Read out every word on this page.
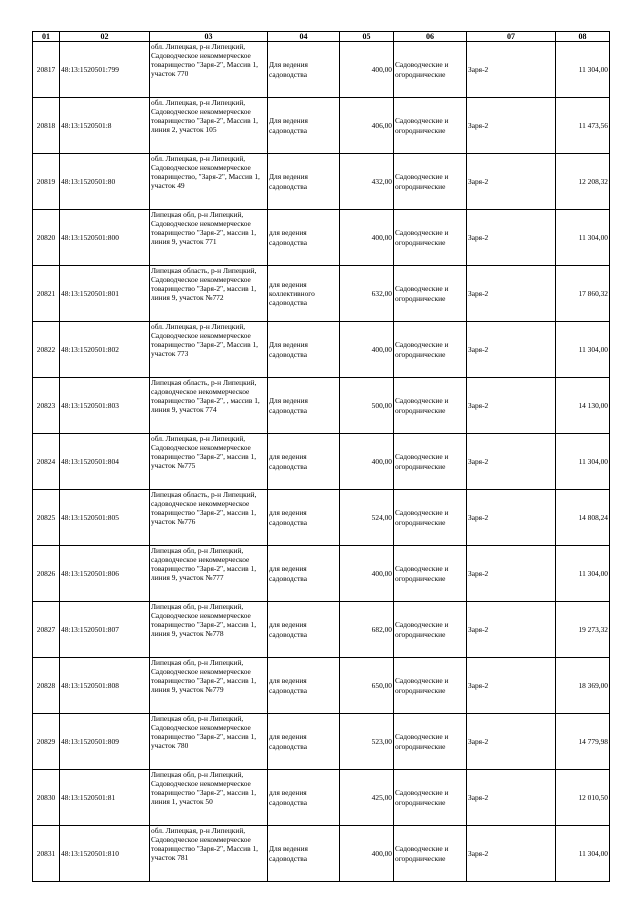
01	02	03	04	05	06	07	08
20817	48:13:1520501:799	обл. Липецкая, р-н Липецкий, Садоводческое некоммерческое товарищество "Заря-2", Массив 1, участок 770	Для ведения садоводства	400,00	Садоводческие и огороднические	Заря-2	11 304,00
20818	48:13:1520501:8	обл. Липецкая, р-н Липецкий, Садоводческое некоммерческое товарищество "Заря-2", Массив 1, линия 2, участок 105	Для ведения садоводства	406,00	Садоводческие и огороднические	Заря-2	11 473,56
20819	48:13:1520501:80	обл. Липецкая, р-н Липецкий, Садоводческое некоммерческое товарищество, "Заря-2", Массив 1, участок 49	Для ведения садоводства	432,00	Садоводческие и огороднические	Заря-2	12 208,32
20820	48:13:1520501:800	Липецкая обл, р-н Липецкий, Садоводческое некоммерческое товарищество "Заря-2", массив 1, линия 9, участок 771	для ведения садоводства	400,00	Садоводческие и огороднические	Заря-2	11 304,00
20821	48:13:1520501:801	Липецкая область, р-н Липецкий, Садоводческое некоммерческое товарищество "Заря-2", массив 1, линия 9, участок №772	для ведения коллективного садоводства	632,00	Садоводческие и огороднические	Заря-2	17 860,32
20822	48:13:1520501:802	обл. Липецкая, р-н Липецкий, Садоводческое некоммерческое товарищество "Заря-2", Массив 1, участок 773	Для ведения садоводства	400,00	Садоводческие и огороднические	Заря-2	11 304,00
20823	48:13:1520501:803	Липецкая область, р-н Липецкий, садоводческое некоммерческое товарищество "Заря-2", , массив 1, линия 9, участок 774	Для ведения садоводства	500,00	Садоводческие и огороднические	Заря-2	14 130,00
20824	48:13:1520501:804	обл. Липецкая, р-н Липецкий, Садоводческое некоммерческое товарищество "Заря-2", массив 1, участок №775	для ведения садоводства	400,00	Садоводческие и огороднические	Заря-2	11 304,00
20825	48:13:1520501:805	Липецкая область, р-н Липецкий, садоводческое некоммерческое товарищество "Заря-2", массив 1, участок №776	для ведения садоводства	524,00	Садоводческие и огороднические	Заря-2	14 808,24
20826	48:13:1520501:806	Липецкая обл, р-н Липецкий, садоводческое некоммерческое товарищество "Заря-2", массив 1, линия 9, участок №777	для ведения садоводства	400,00	Садоводческие и огороднические	Заря-2	11 304,00
20827	48:13:1520501:807	Липецкая обл, р-н Липецкий, Садоводческое некоммерческое товарищество "Заря-2", массив 1, линия 9, участок №778	для ведения садоводства	682,00	Садоводческие и огороднические	Заря-2	19 273,32
20828	48:13:1520501:808	Липецкая обл, р-н Липецкий, Садоводческое некоммерческое товарищество "Заря-2", массив 1, линия 9, участок №779	для ведения садоводства	650,00	Садоводческие и огороднические	Заря-2	18 369,00
20829	48:13:1520501:809	Липецкая обл, р-н Липецкий, Садоводческое некоммерческое товарищество "Заря-2", массив 1, участок 780	для ведения садоводства	523,00	Садоводческие и огороднические	Заря-2	14 779,98
20830	48:13:1520501:81	Липецкая обл, р-н Липецкий, Садоводческое некоммерческое товарищество "Заря-2", массив 1, линия 1, участок 50	для ведения садоводства	425,00	Садоводческие и огороднические	Заря-2	12 010,50
20831	48:13:1520501:810	обл. Липецкая, р-н Липецкий, Садоводческое некоммерческое товарищество "Заря-2", Массив 1, участок 781	Для ведения садоводства	400,00	Садоводческие и огороднические	Заря-2	11 304,00
